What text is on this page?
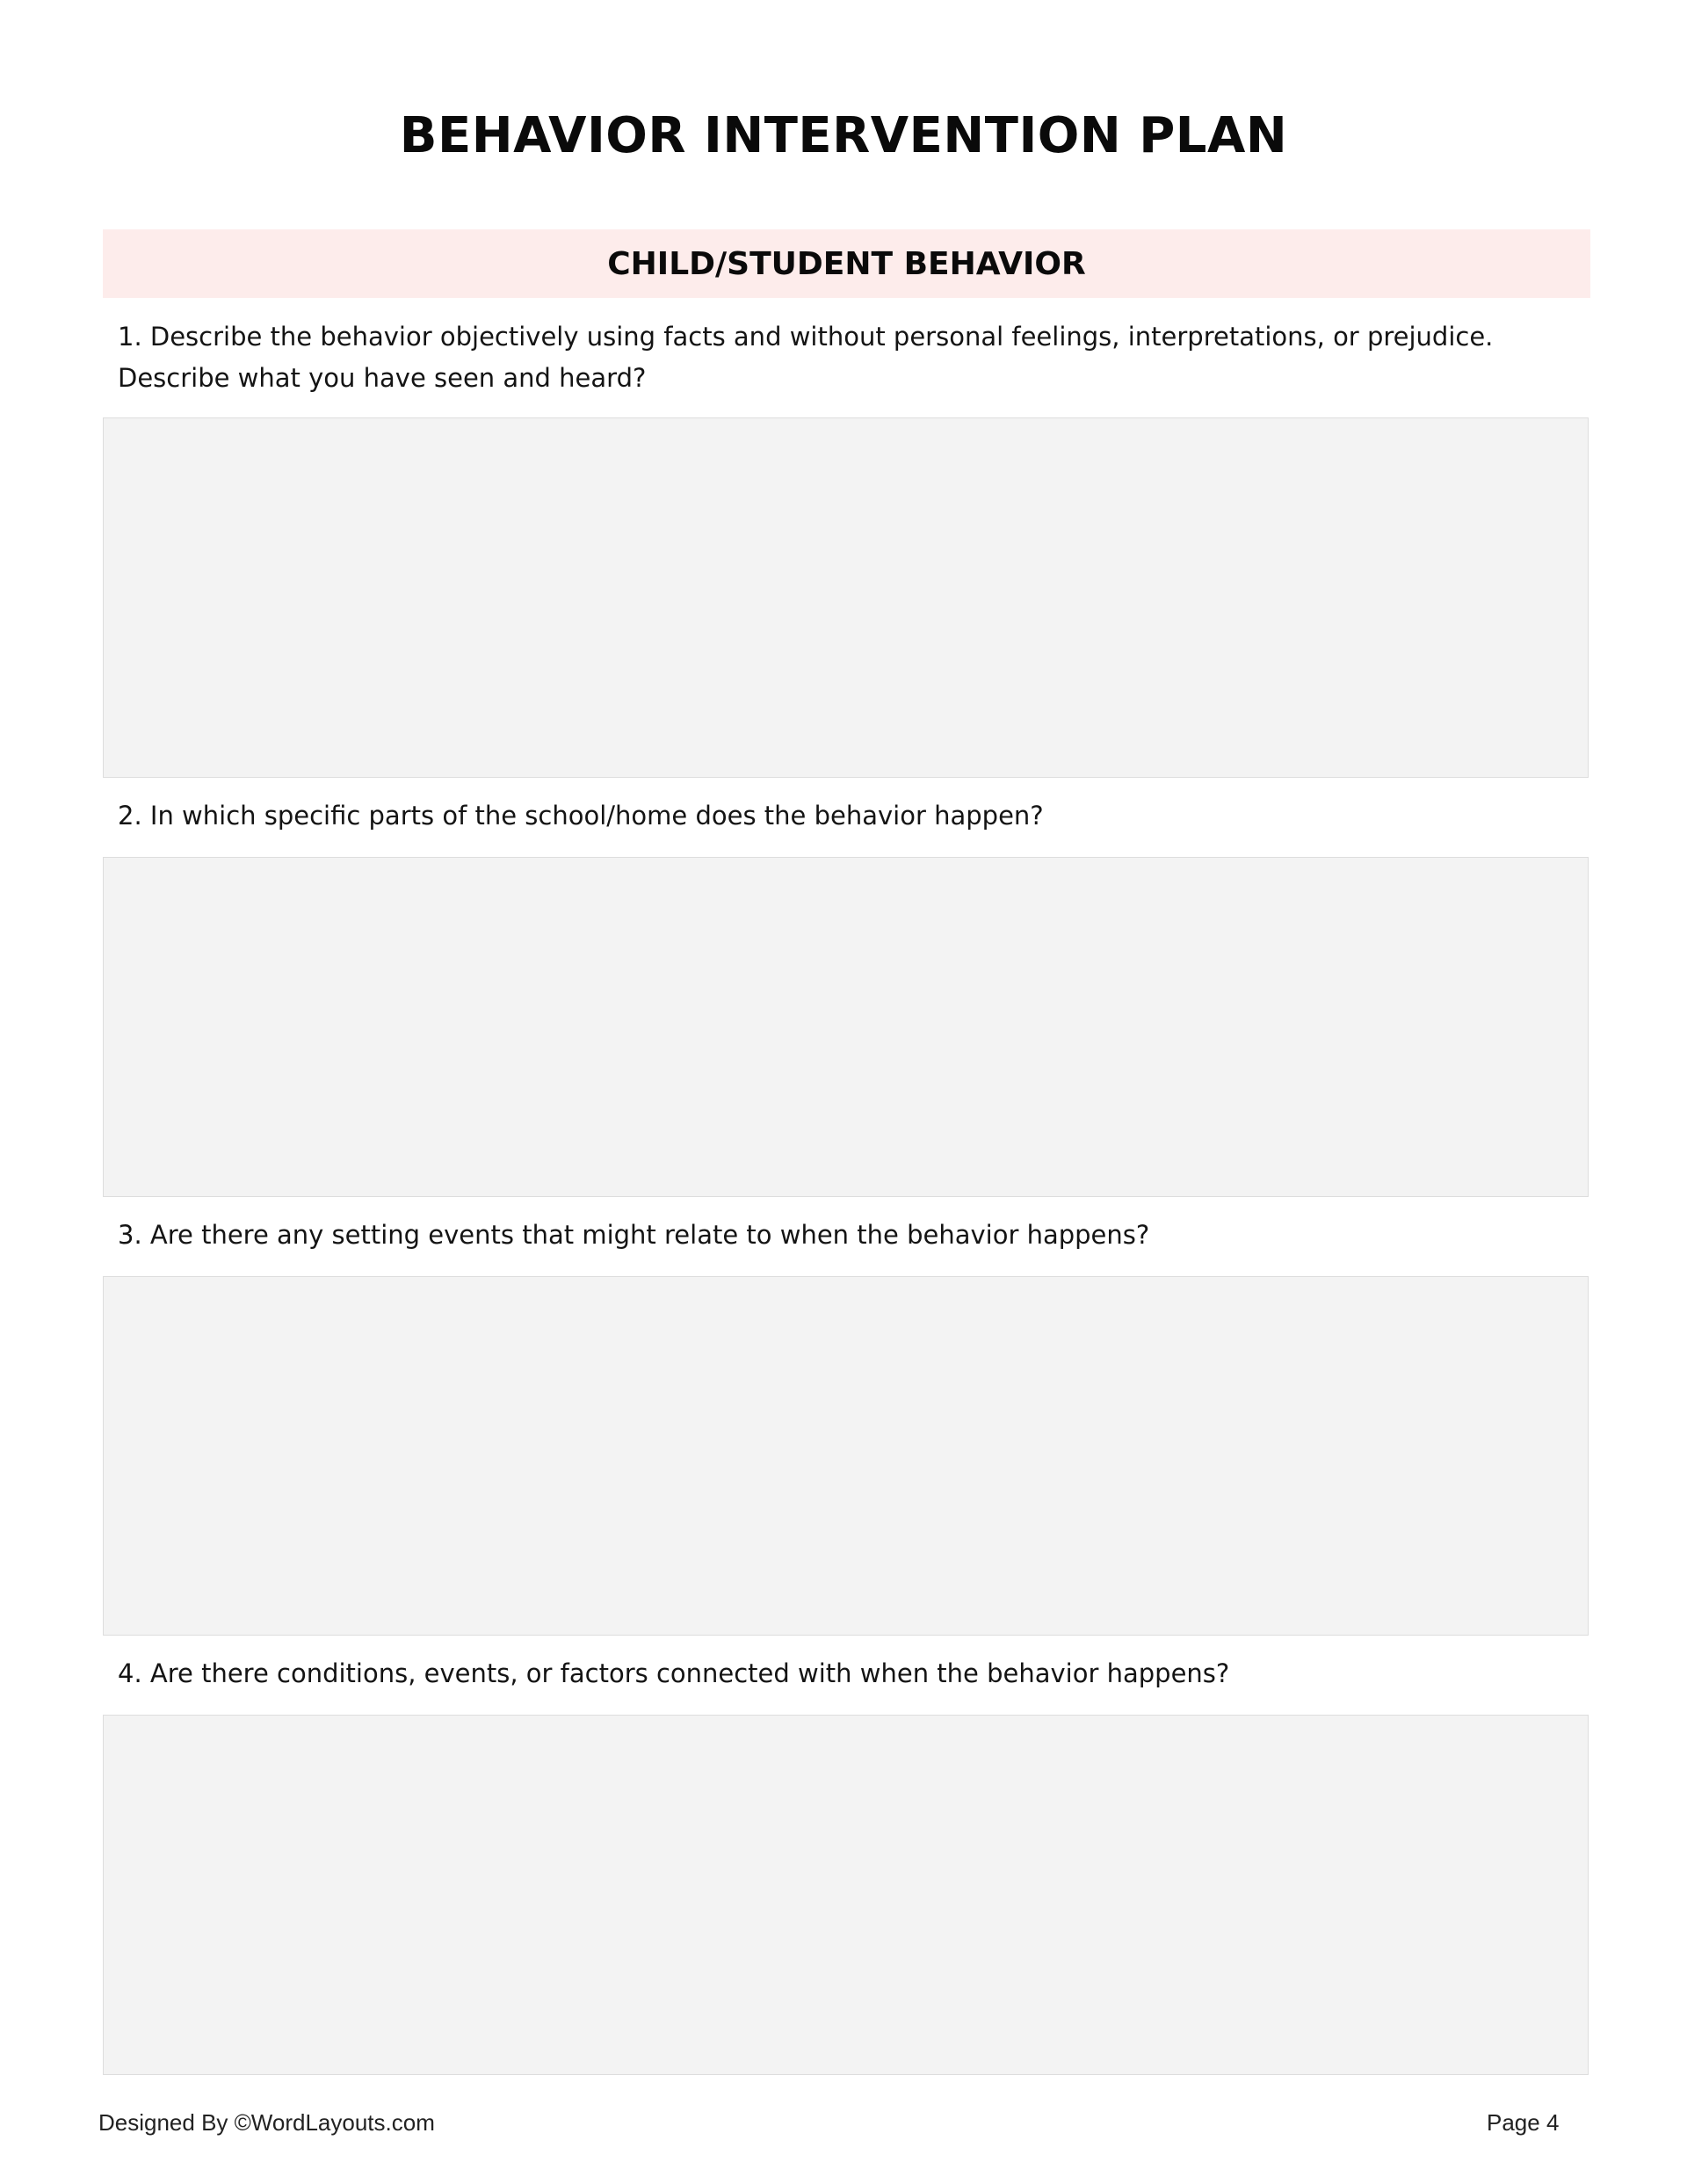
BEHAVIOR INTERVENTION PLAN
CHILD/STUDENT BEHAVIOR
1. Describe the behavior objectively using facts and without personal feelings, interpretations, or prejudice. Describe what you have seen and heard?
2. In which specific parts of the school/home does the behavior happen?
3. Are there any setting events that might relate to when the behavior happens?
4. Are there conditions, events, or factors connected with when the behavior happens?
Designed By ©WordLayouts.com	Page 4
